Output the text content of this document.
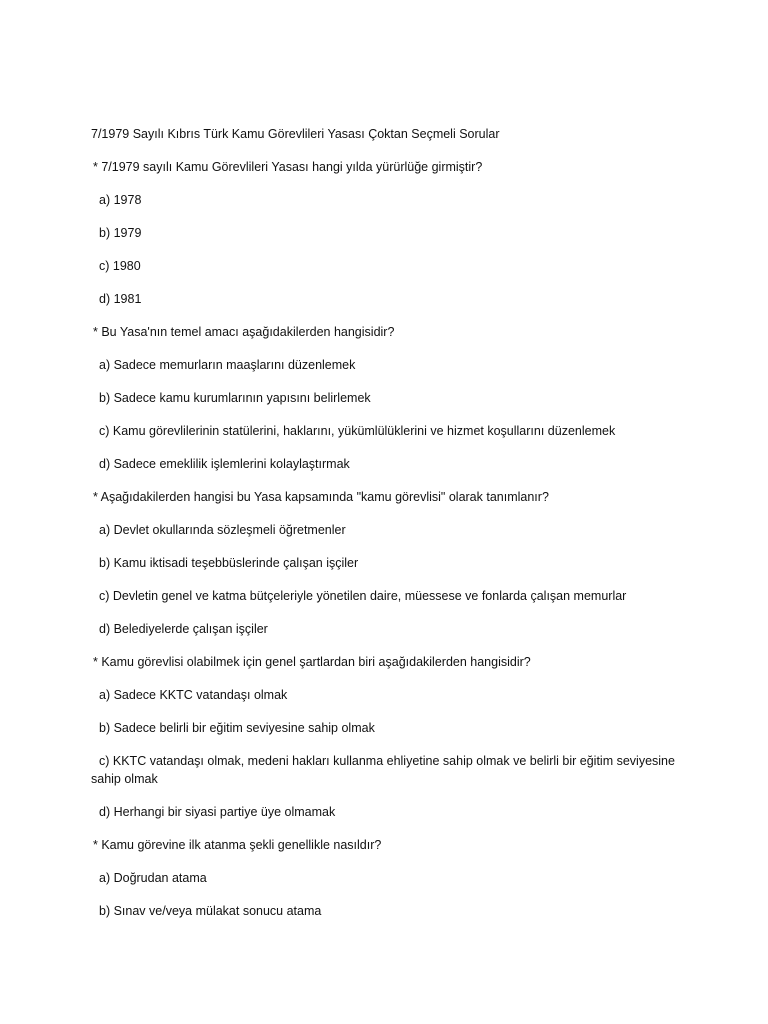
7/1979 Sayılı Kıbrıs Türk Kamu Görevlileri Yasası Çoktan Seçmeli Sorular

* 7/1979 sayılı Kamu Görevlileri Yasası hangi yılda yürürlüğe girmiştir?

a) 1978

b) 1979

c) 1980

d) 1981

* Bu Yasa'nın temel amacı aşağıdakilerden hangisidir?

a) Sadece memurların maaşlarını düzenlemek

b) Sadece kamu kurumlarının yapısını belirlemek

c) Kamu görevlilerinin statülerini, haklarını, yükümlülüklerini ve hizmet koşullarını düzenlemek

d) Sadece emeklilik işlemlerini kolaylaştırmak

* Aşağıdakilerden hangisi bu Yasa kapsamında "kamu görevlisi" olarak tanımlanır?

a) Devlet okullarında sözleşmeli öğretmenler

b) Kamu iktisadi teşebbüslerinde çalışan işçiler

c) Devletin genel ve katma bütçeleriyle yönetilen daire, müessese ve fonlarda çalışan memurlar

d) Belediyelerde çalışan işçiler

* Kamu görevlisi olabilmek için genel şartlardan biri aşağıdakilerden hangisidir?

a) Sadece KKTC vatandaşı olmak

b) Sadece belirli bir eğitim seviyesine sahip olmak

c) KKTC vatandaşı olmak, medeni hakları kullanma ehliyetine sahip olmak ve belirli bir eğitim seviyesine sahip olmak

d) Herhangi bir siyasi partiye üye olmamak

* Kamu görevine ilk atanma şekli genellikle nasıldır?

a) Doğrudan atama

b) Sınav ve/veya mülakat sonucu atama
